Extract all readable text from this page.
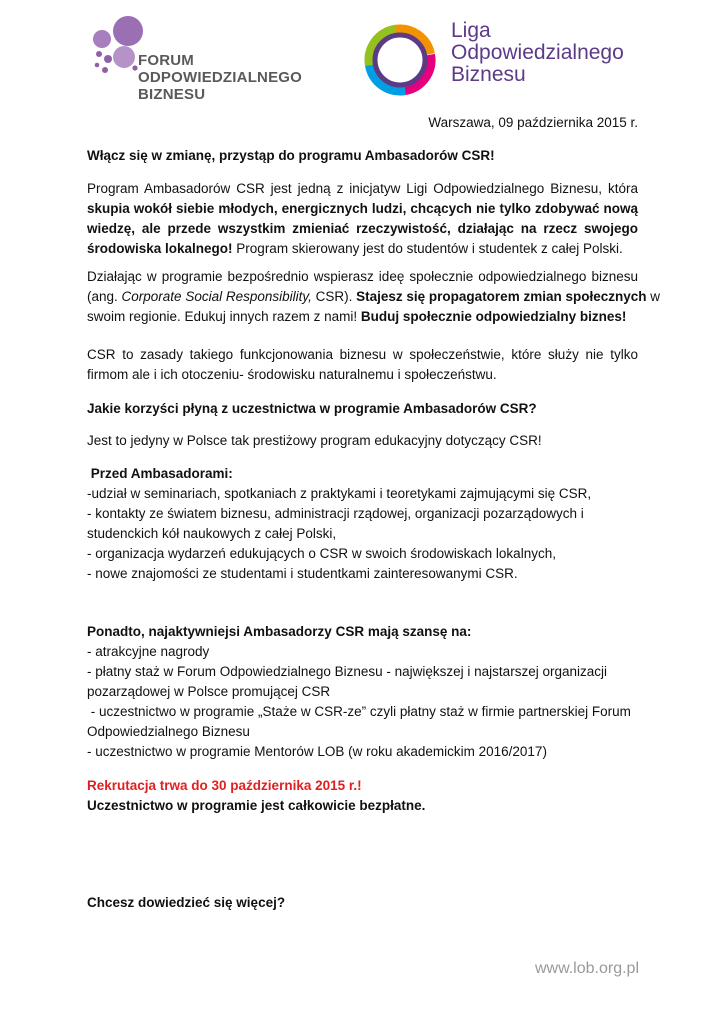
FORUM
ODPOWIEDZIALNEGO
BIZNESU
Liga
Odpowiedzialnego
Biznesu
Warszawa, 09 października 2015 r.
Włącz się w zmianę, przystąp do programu Ambasadorów CSR!
Program Ambasadorów CSR jest jedną z inicjatyw Ligi Odpowiedzialnego Biznesu, która
skupia wokół siebie młodych, energicznych ludzi, chcących nie tylko zdobywać nową
wiedzę, ale przede wszystkim zmieniać rzeczywistość, działając na rzecz swojego
środowiska lokalnego! Program skierowany jest do studentów i studentek z całej Polski.
Działając w programie bezpośrednio wspierasz ideę społecznie odpowiedzialnego biznesu
(ang. Corporate Social Responsibility, CSR). Stajesz się propagatorem zmian społecznych w
swoim regionie. Edukuj innych razem z nami! Buduj społecznie odpowiedzialny biznes!
CSR to zasady takiego funkcjonowania biznesu w społeczeństwie, które służy nie tylko
firmom ale i ich otoczeniu- środowisku naturalnemu i społeczeństwu.
Jakie korzyści płyną z uczestnictwa w programie Ambasadorów CSR?
Jest to jedyny w Polsce tak prestiżowy program edukacyjny dotyczący CSR!
Przed Ambasadorami:
-udział w seminariach, spotkaniach z praktykami i teoretykami zajmującymi się CSR,
- kontakty ze światem biznesu, administracji rządowej, organizacji pozarządowych i
studenckich kół naukowych z całej Polski,
- organizacja wydarzeń edukujących o CSR w swoich środowiskach lokalnych,
- nowe znajomości ze studentami i studentkami zainteresowanymi CSR.
Ponadto, najaktywniejsi Ambasadorzy CSR mają szansę na:
- atrakcyjne nagrody
- płatny staż w Forum Odpowiedzialnego Biznesu - największej i najstarszej organizacji
pozarządowej w Polsce promującej CSR
- uczestnictwo w programie „Staże w CSR-ze” czyli płatny staż w firmie partnerskiej Forum
Odpowiedzialnego Biznesu
- uczestnictwo w programie Mentorów LOB (w roku akademickim 2016/2017)
Rekrutacja trwa do 30 października 2015 r.!
Uczestnictwo w programie jest całkowicie bezpłatne.
Chcesz dowiedzieć się więcej?
www.lob.org.pl
